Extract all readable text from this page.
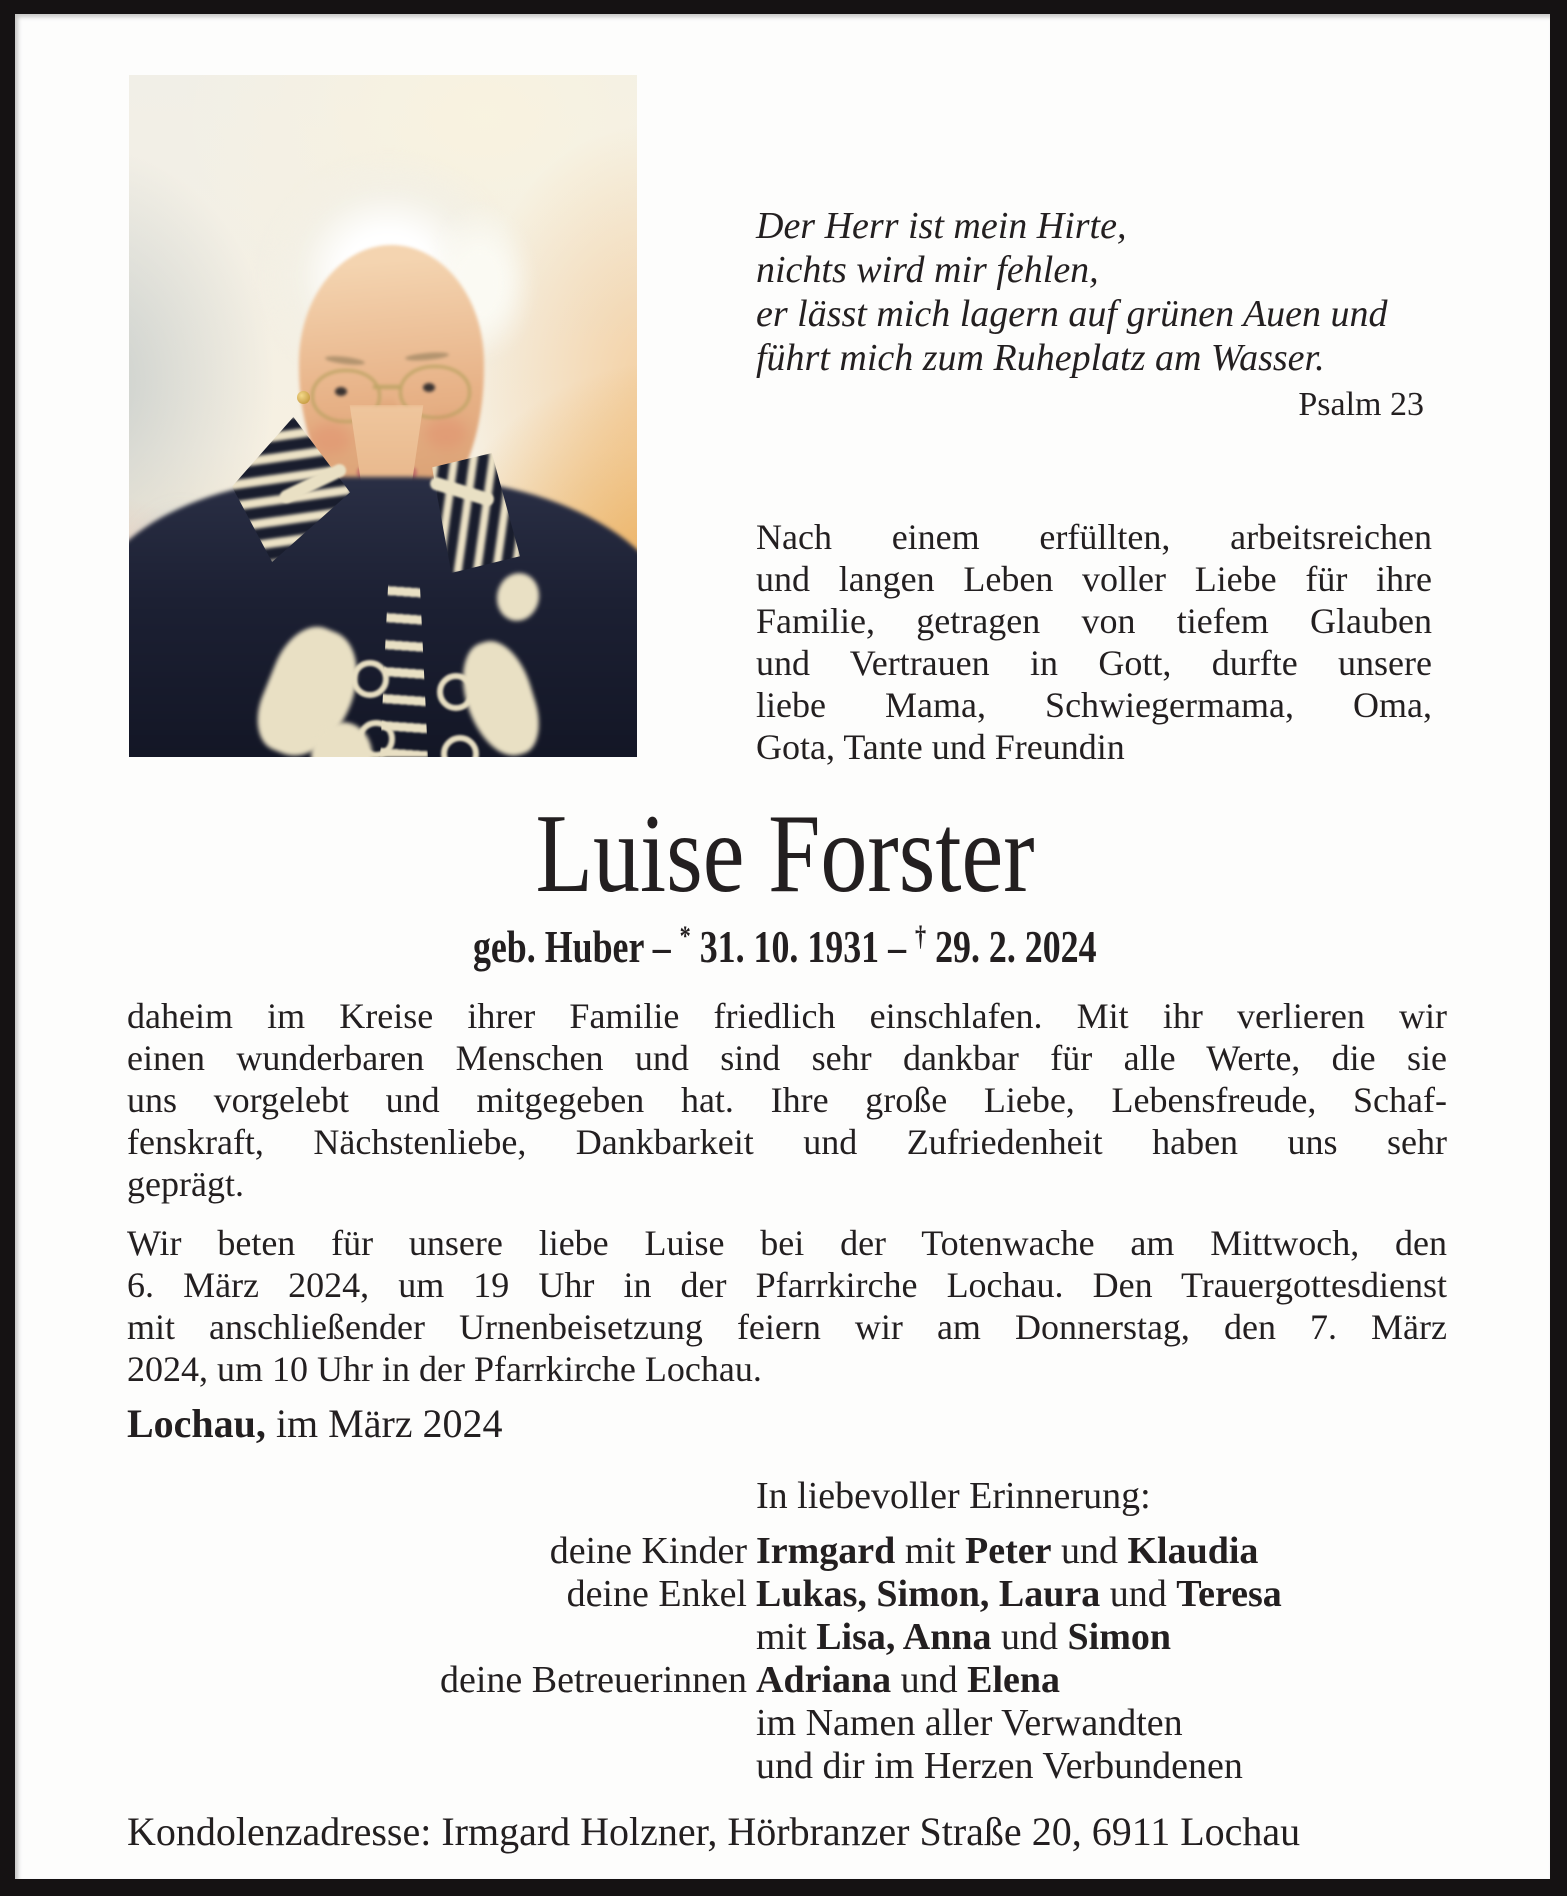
Der Herr ist mein Hirte,
nichts wird mir fehlen,
er lässt mich lagern auf grünen Auen und
führt mich zum Ruheplatz am Wasser.
Psalm 23
Nach einem erfüllten, arbeitsreichen
und langen Leben voller Liebe für ihre
Familie, getragen von tiefem Glauben
und Vertrauen in Gott, durfte unsere
liebe Mama, Schwiegermama, Oma,
Gota, Tante und Freundin
Luise Forster
geb. Huber – * 31. 10. 1931 – † 29. 2. 2024
daheim im Kreise ihrer Familie friedlich einschlafen. Mit ihr verlieren wir
einen wunderbaren Menschen und sind sehr dankbar für alle Werte, die sie
uns vorgelebt und mitgegeben hat. Ihre große Liebe, Lebensfreude, Schaf-
fenskraft, Nächstenliebe, Dankbarkeit und Zufriedenheit haben uns sehr
geprägt.
Wir beten für unsere liebe Luise bei der Totenwache am Mittwoch, den
6. März 2024, um 19 Uhr in der Pfarrkirche Lochau. Den Trauergottesdienst
mit anschließender Urnenbeisetzung feiern wir am Donnerstag, den 7. März
2024, um 10 Uhr in der Pfarrkirche Lochau.
Lochau, im März 2024
In liebevoller Erinnerung:
deine Kinder Irmgard mit Peter und Klaudia
deine Enkel Lukas, Simon, Laura und Teresa
mit Lisa, Anna und Simon
deine Betreuerinnen Adriana und Elena
im Namen aller Verwandten
und dir im Herzen Verbundenen
Kondolenzadresse: Irmgard Holzner, Hörbranzer Straße 20, 6911 Lochau
